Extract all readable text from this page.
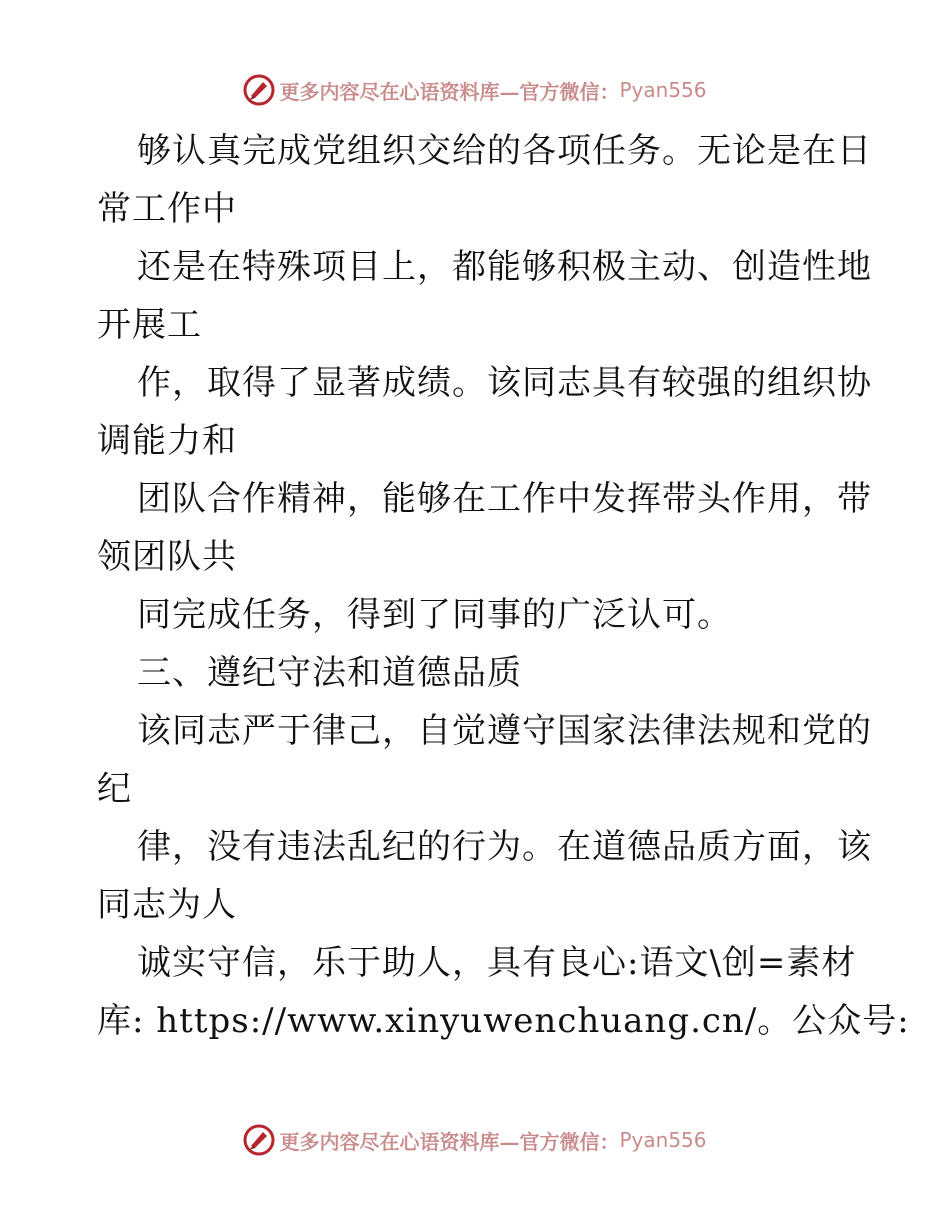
更多内容尽在心语资料库—官方微信： Pyan556
够认真完成党组织交给的各项任务。无论是在日
常工作中
还是在特殊项目上，都能够积极主动、创造性地
开展工
作，取得了显著成绩。该同志具有较强的组织协
调能力和
团队合作精神，能够在工作中发挥带头作用，带
领团队共
同完成任务，得到了同事的广泛认可。
三、遵纪守法和道德品质
该同志严于律己，自觉遵守国家法律法规和党的
纪
律，没有违法乱纪的行为。在道德品质方面，该
同志为人
诚实守信，乐于助人，具有良心:语文\创=素材
库: https://www.xinyuwenchuang.cn/。公众号:
更多内容尽在心语资料库—官方微信： Pyan556
